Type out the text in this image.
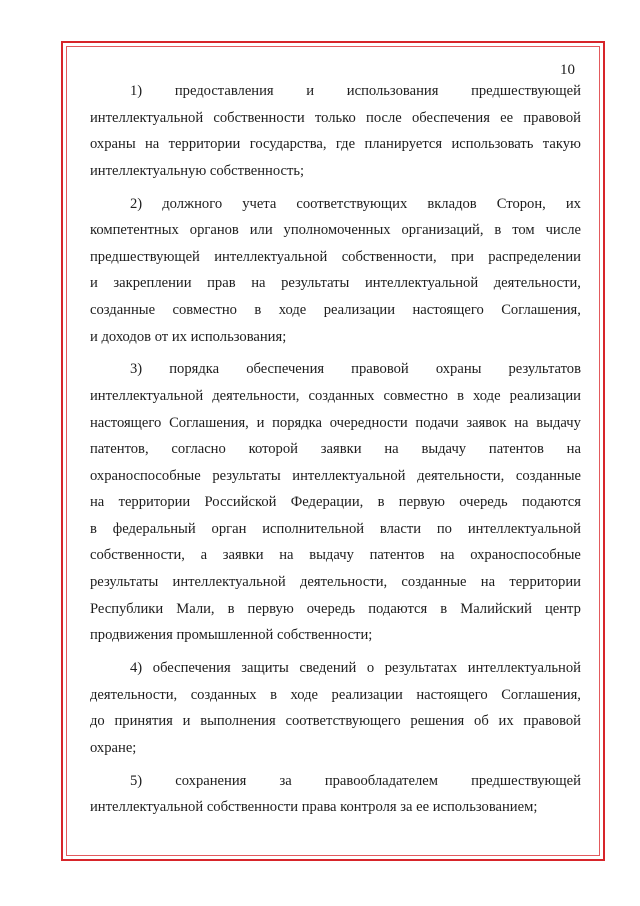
10
1) предоставления и использования предшествующей
интеллектуальной собственности только после обеспечения ее правовой
охраны на территории государства, где планируется использовать такую
интеллектуальную собственность;
2) должного учета соответствующих вкладов Сторон, их
компетентных органов или уполномоченных организаций, в том числе
предшествующей интеллектуальной собственности, при распределении
и закреплении прав на результаты интеллектуальной деятельности,
созданные совместно в ходе реализации настоящего Соглашения,
и доходов от их использования;
3) порядка обеспечения правовой охраны результатов
интеллектуальной деятельности, созданных совместно в ходе реализации
настоящего Соглашения, и порядка очередности подачи заявок на выдачу
патентов, согласно которой заявки на выдачу патентов на
охраноспособные результаты интеллектуальной деятельности, созданные
на территории Российской Федерации, в первую очередь подаются
в федеральный орган исполнительной власти по интеллектуальной
собственности, а заявки на выдачу патентов на охраноспособные
результаты интеллектуальной деятельности, созданные на территории
Республики Мали, в первую очередь подаются в Малийский центр
продвижения промышленной собственности;
4) обеспечения защиты сведений о результатах интеллектуальной
деятельности, созданных в ходе реализации настоящего Соглашения,
до принятия и выполнения соответствующего решения об их правовой
охране;
5) сохранения за правообладателем предшествующей
интеллектуальной собственности права контроля за ее использованием;
